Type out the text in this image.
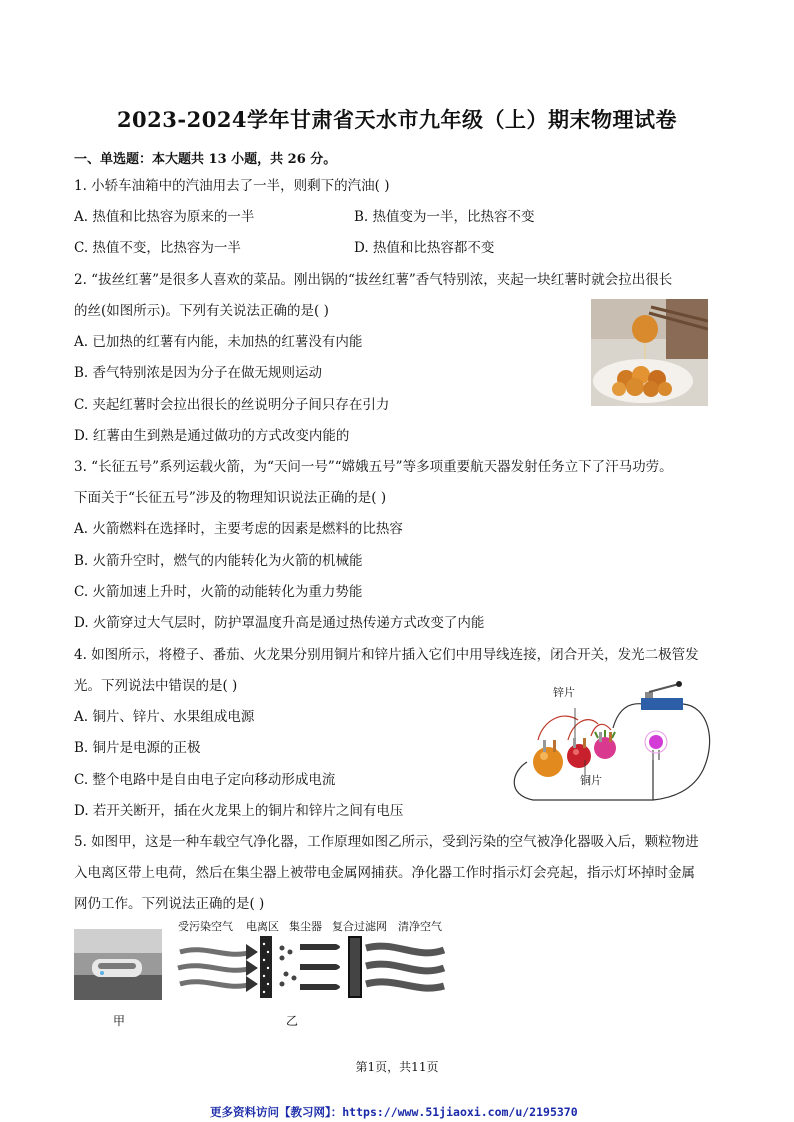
2023-2024学年甘肃省天水市九年级（上）期末物理试卷
一、单选题：本大题共 13 小题，共 26 分。
1. 小轿车油箱中的汽油用去了一半，则剩下的汽油( )
A. 热值和比热容为原来的一半	B. 热值变为一半，比热容不变
C. 热值不变，比热容为一半	D. 热值和比热容都不变
2. “拔丝红薯”是很多人喜欢的菜品。刚出锅的“拔丝红薯”香气特别浓，夹起一块红薯时就会拉出很长
的丝(如图所示)。下列有关说法正确的是( )
A. 已加热的红薯有内能，未加热的红薯没有内能
B. 香气特别浓是因为分子在做无规则运动
C. 夹起红薯时会拉出很长的丝说明分子间只存在引力
D. 红薯由生到熟是通过做功的方式改变内能的
3. “长征五号”系列运载火箭，为“天问一号”“嫦娥五号”等多项重要航天器发射任务立下了汗马功劳。
下面关于“长征五号”涉及的物理知识说法正确的是( )
A. 火箭燃料在选择时，主要考虑的因素是燃料的比热容
B. 火箭升空时，燃气的内能转化为火箭的机械能
C. 火箭加速上升时，火箭的动能转化为重力势能
D. 火箭穿过大气层时，防护罩温度升高是通过热传递方式改变了内能
4. 如图所示，将橙子、番茄、火龙果分别用铜片和锌片插入它们中用导线连接，闭合开关，发光二极管发
光。下列说法中错误的是( )
A. 铜片、锌片、水果组成电源
B. 铜片是电源的正极
C. 整个电路中是自由电子定向移动形成电流
D. 若开关断开，插在火龙果上的铜片和锌片之间有电压
锌片
铜片
5. 如图甲，这是一种车载空气净化器，工作原理如图乙所示，受到污染的空气被净化器吸入后，颗粒物进
入电离区带上电荷，然后在集尘器上被带电金属网捕获。净化器工作时指示灯会亮起，指示灯坏掉时金属
网仍工作。下列说法正确的是( )
甲
受污染空气 电离区 集尘器 复合过滤网 清净空气
乙
第1页，共11页
更多资料访问【教习网】：https://www.51jiaoxi.com/u/2195370
